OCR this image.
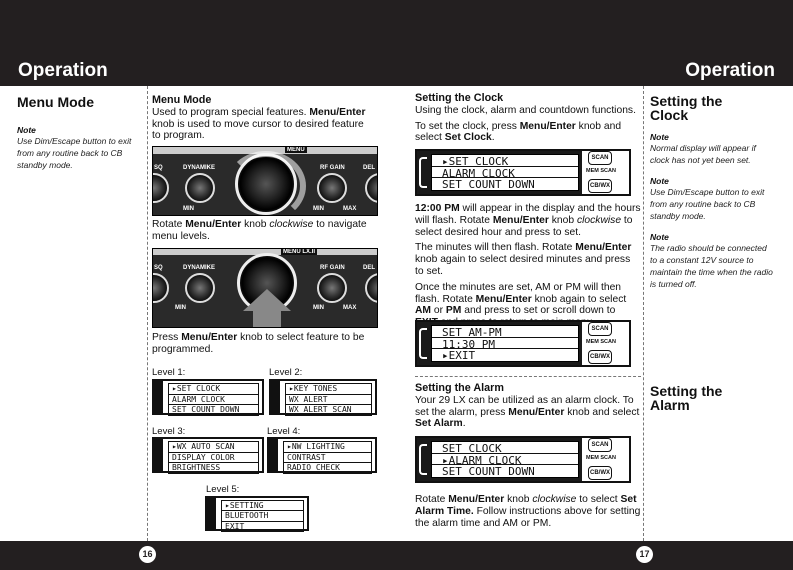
Operation	Operation
Menu Mode
Note
Use Dim/Escape button to exit from any routine back to CB standby mode.
Menu Mode

Used to program special features. Menu/Enter knob is used to move cursor to desired feature to program.

MENU
SQ	DYNAMIKE	RF GAIN	DEL
MIN	MIN	MAX

Rotate Menu/Enter knob clockwise to navigate menu levels.

MENU LX.II
SQ	DYNAMIKE	RF GAIN	DEL
MIN	MIN	MAX

Press Menu/Enter knob to select feature to be programmed.

Level 1:
▸SET CLOCK
ALARM CLOCK
SET COUNT DOWN
Level 2:
▸KEY TONES
WX ALERT
WX ALERT SCAN
Level 3:
▸WX AUTO SCAN
DISPLAY COLOR
BRIGHTNESS
Level 4:
▸NW LIGHTING
CONTRAST
RADIO CHECK
Level 5:
▸SETTING
BLUETOOTH
EXIT
Setting the Clock

Using the clock, alarm and countdown functions.

To set the clock, press Menu/Enter knob and select Set Clock.

▸SET CLOCK
ALARM CLOCK
SET COUNT DOWN
SCAN
MEM SCAN
CB/WX

12:00 PM will appear in the display and the hours will flash. Rotate Menu/Enter knob clockwise to select desired hour and press to set.

The minutes will then flash. Rotate Menu/Enter knob again to select desired minutes and press to set.

Once the minutes are set, AM or PM will then flash. Rotate Menu/Enter knob again to select AM or PM and press to set or scroll down to

SET AM-PM
11:30 PM
▸EXIT
SCAN
MEM SCAN
CB/WX
Setting the Alarm

Your 29 LX can be utilized as an alarm clock. To set the alarm, press Menu/Enter knob and select Set Alarm.

SET CLOCK
▸ALARM CLOCK
SET COUNT DOWN
SCAN
MEM SCAN
CB/WX

Rotate Menu/Enter knob clockwise to select Set Alarm Time. Follow instructions above for setting the alarm time and AM or PM.

Setting the Clock
Note
Normal display will appear if clock has not yet been set.
Note
Use Dim/Escape button to exit from any routine back to CB standby mode.
Note
The radio should be connected to a constant 12V source to maintain the time when the radio is turned off.
Setting the Alarm
16	17
